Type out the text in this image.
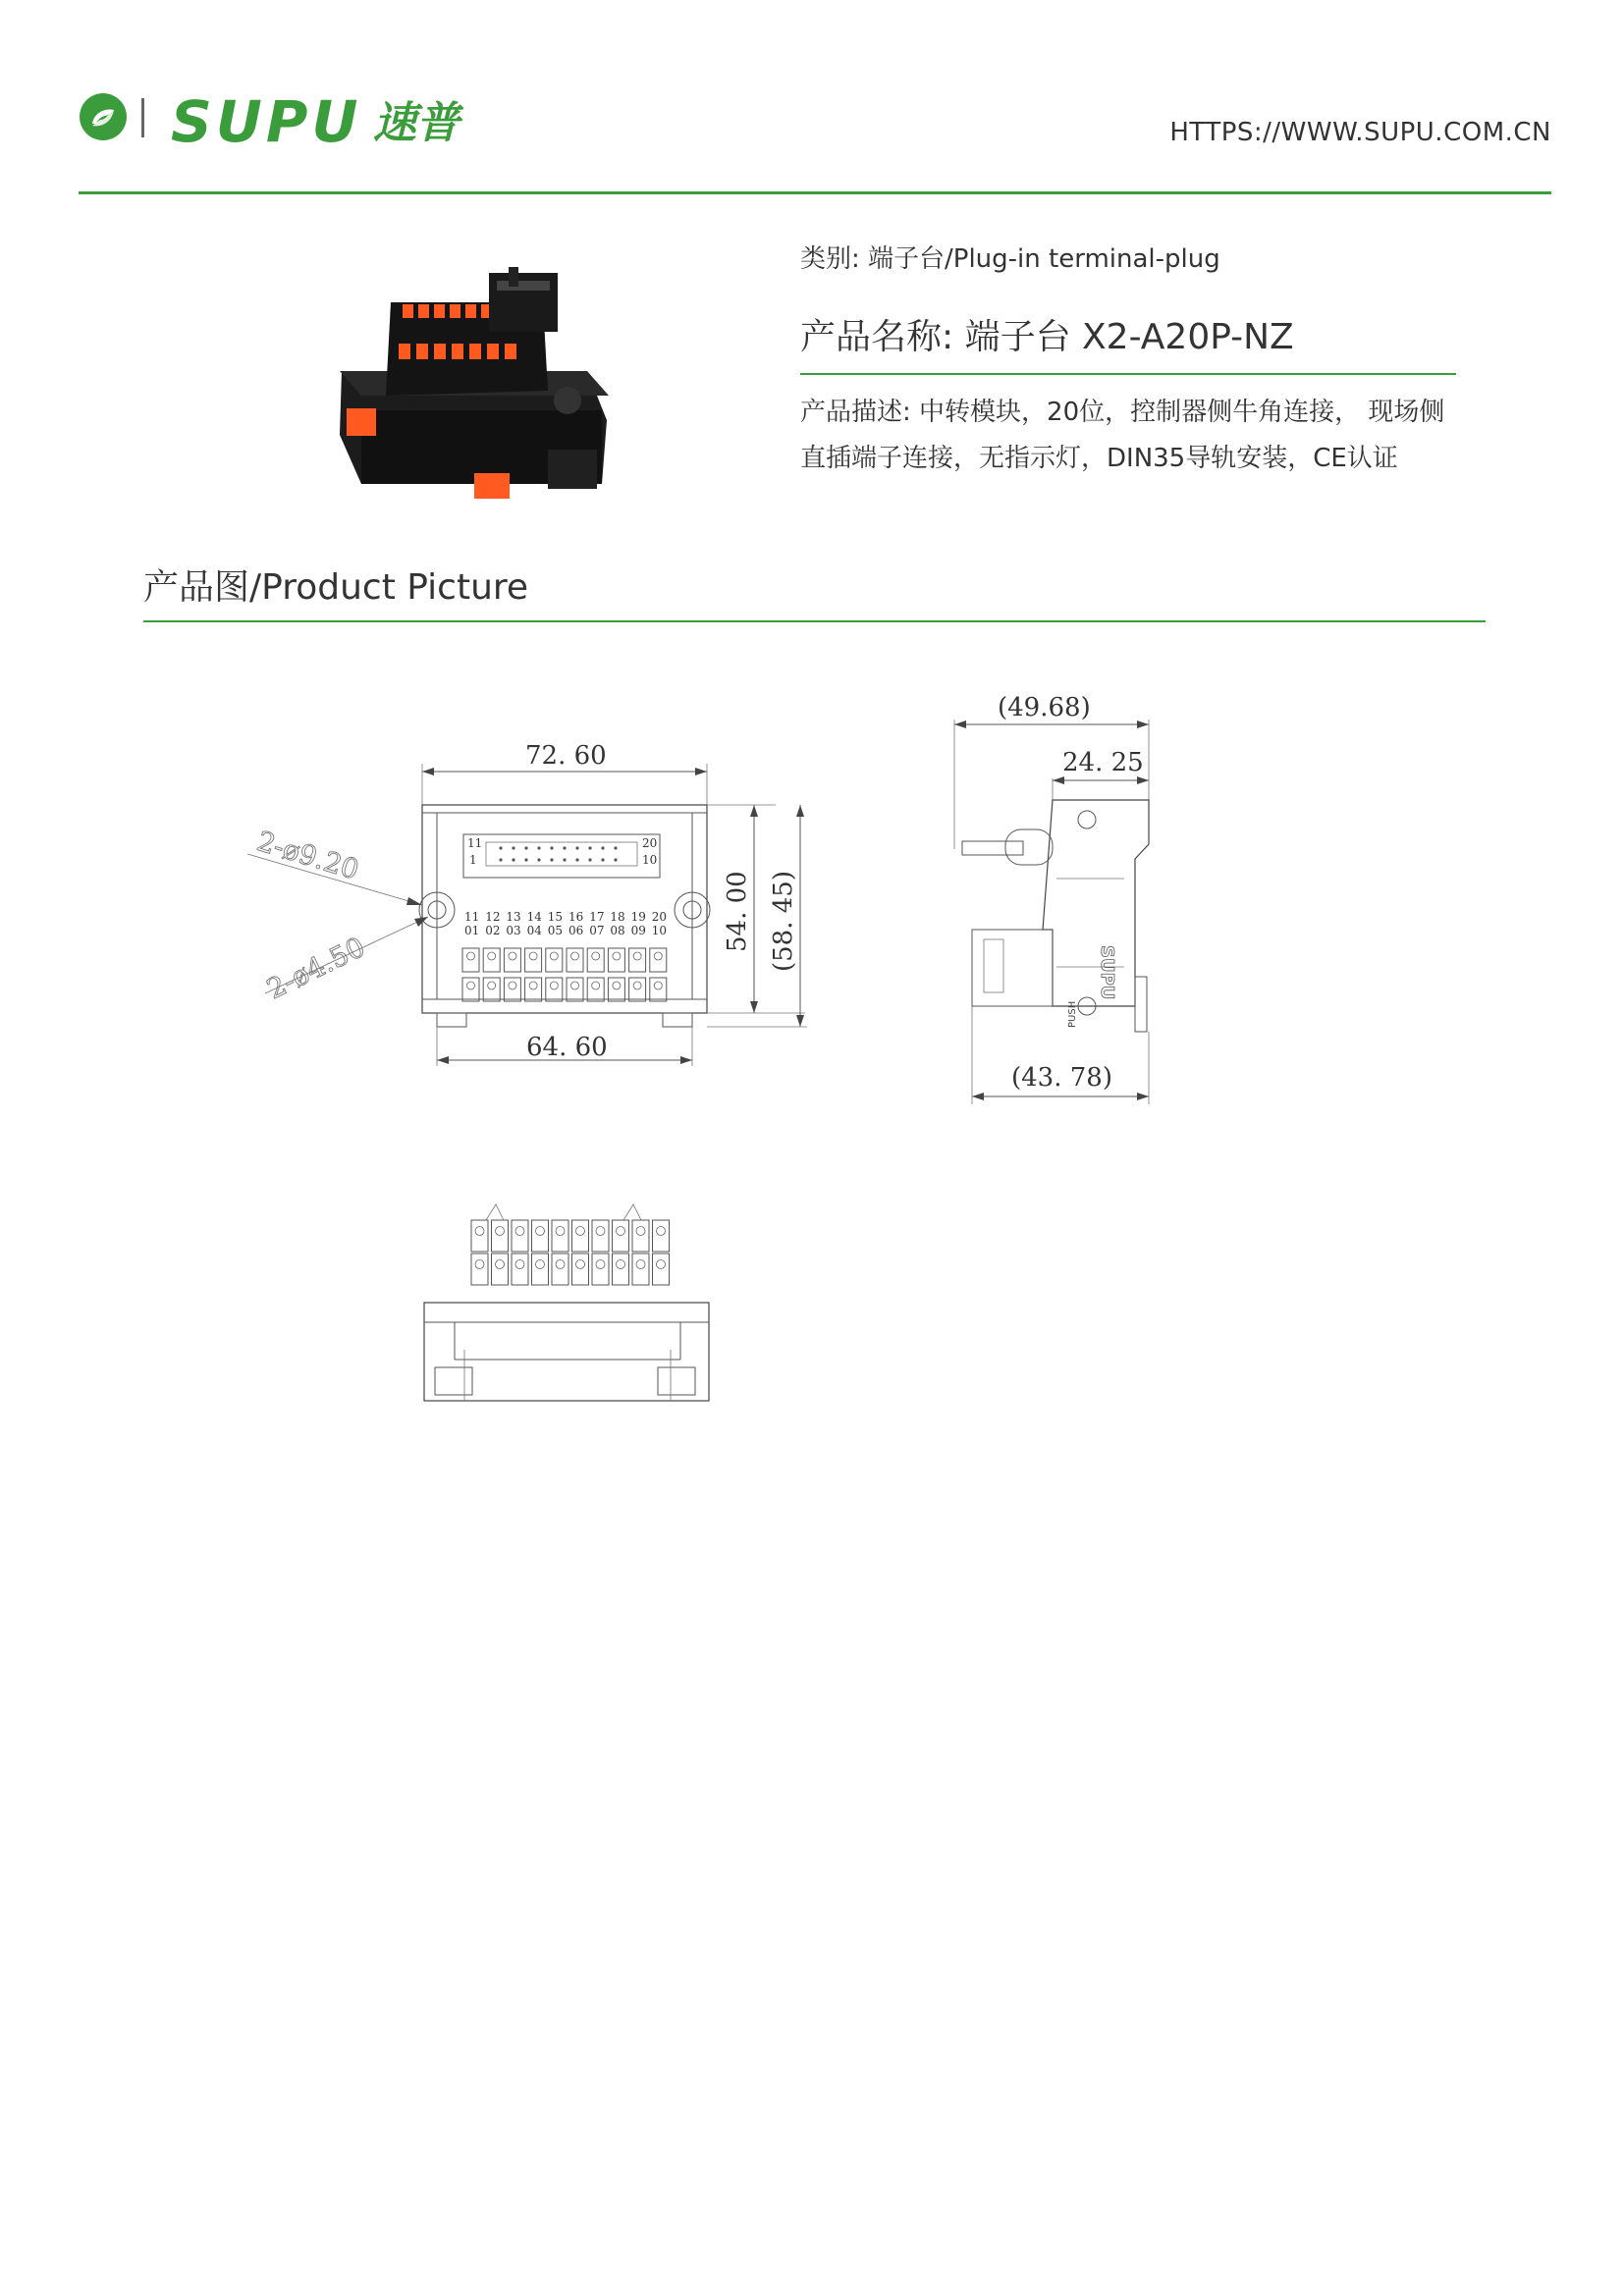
SUPU 速普	HTTPS://WWW.SUPU.COM.CN
类别: 端子台/Plug-in terminal-plug
产品名称: 端子台 X2-A20P-NZ
产品描述: 中转模块，20位，控制器侧牛角连接， 现场侧
直插端子连接，无指示灯，DIN35导轨安装，CE认证
产品图/Product Picture
72. 60
11
1
20
10
11 12 13 14 15 16 17 18 19 20
01 02 03 04 05 06 07 08 09 10 54. 00 (58. 45)
64. 60
2-ø9.20
2-ø4.50
(49.68)
24. 25
PUSH
SUPU
(43. 78)
